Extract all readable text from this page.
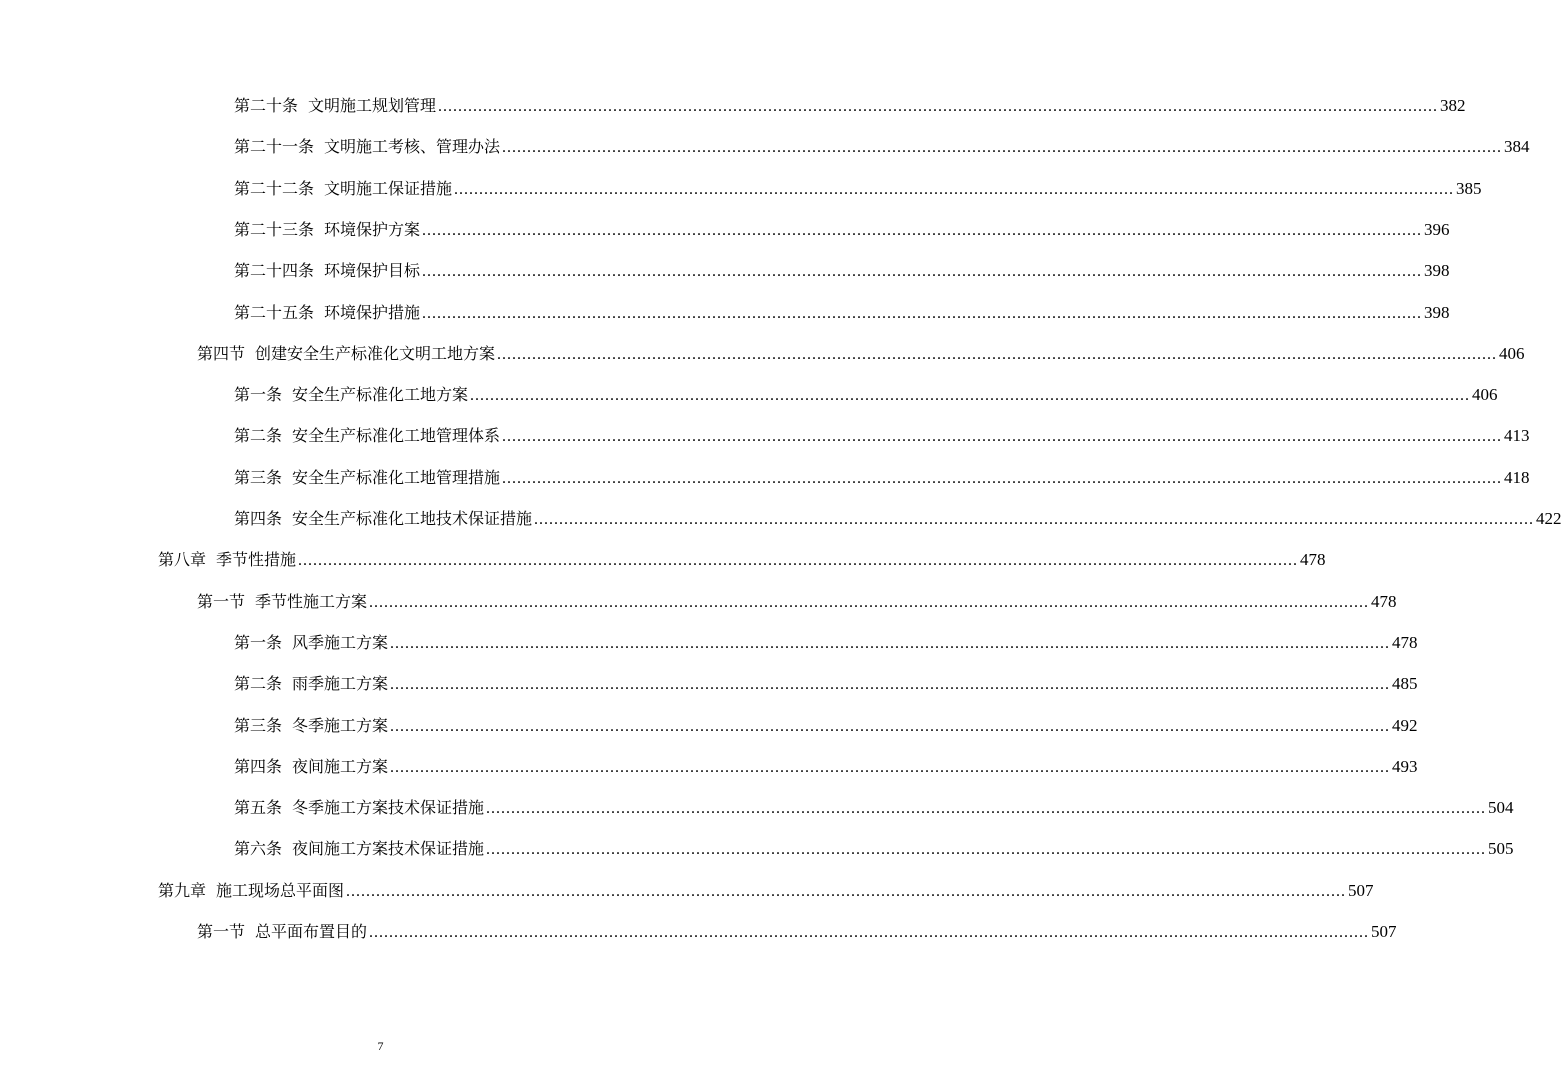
第二十条 文明施工规划管理 ........................................................................................................................................................................................................ 382
第二十一条 文明施工考核、管理办法 ........................................................................................................................................................................................................ 384
第二十二条 文明施工保证措施 ........................................................................................................................................................................................................ 385
第二十三条 环境保护方案 ........................................................................................................................................................................................................ 396
第二十四条 环境保护目标 ........................................................................................................................................................................................................ 398
第二十五条 环境保护措施 ........................................................................................................................................................................................................ 398
第四节 创建安全生产标准化文明工地方案 ........................................................................................................................................................................................................ 406
第一条 安全生产标准化工地方案 ........................................................................................................................................................................................................ 406
第二条 安全生产标准化工地管理体系 ........................................................................................................................................................................................................ 413
第三条 安全生产标准化工地管理措施 ........................................................................................................................................................................................................ 418
第四条 安全生产标准化工地技术保证措施 ........................................................................................................................................................................................................ 422
第八章 季节性措施 ........................................................................................................................................................................................................ 478
第一节 季节性施工方案 ........................................................................................................................................................................................................ 478
第一条 风季施工方案 ........................................................................................................................................................................................................ 478
第二条 雨季施工方案 ........................................................................................................................................................................................................ 485
第三条 冬季施工方案 ........................................................................................................................................................................................................ 492
第四条 夜间施工方案 ........................................................................................................................................................................................................ 493
第五条 冬季施工方案技术保证措施 ........................................................................................................................................................................................................ 504
第六条 夜间施工方案技术保证措施 ........................................................................................................................................................................................................ 505
第九章 施工现场总平面图 ........................................................................................................................................................................................................ 507
第一节 总平面布置目的 ........................................................................................................................................................................................................ 507
7
